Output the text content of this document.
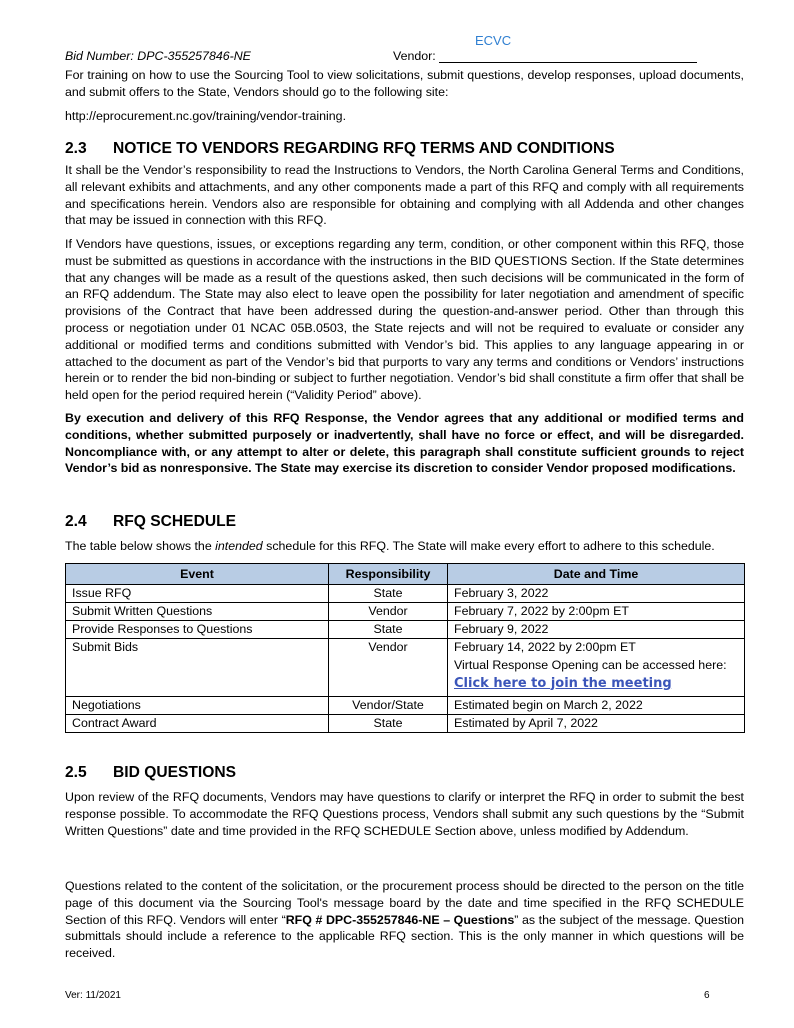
ECVC
Bid Number: DPC-355257846-NE	Vendor:

For training on how to use the Sourcing Tool to view solicitations, submit questions, develop responses, upload documents, and submit offers to the State, Vendors should go to the following site:

http://eprocurement.nc.gov/training/vendor-training.
2.3	NOTICE TO VENDORS REGARDING RFQ TERMS AND CONDITIONS

It shall be the Vendor’s responsibility to read the Instructions to Vendors, the North Carolina General Terms and Conditions, all relevant exhibits and attachments, and any other components made a part of this RFQ and comply with all requirements and specifications herein. Vendors also are responsible for obtaining and complying with all Addenda and other changes that may be issued in connection with this RFQ.

If Vendors have questions, issues, or exceptions regarding any term, condition, or other component within this RFQ, those must be submitted as questions in accordance with the instructions in the BID QUESTIONS Section. If the State determines that any changes will be made as a result of the questions asked, then such decisions will be communicated in the form of an RFQ addendum. The State may also elect to leave open the possibility for later negotiation and amendment of specific provisions of the Contract that have been addressed during the question-and-answer period. Other than through this process or negotiation under 01 NCAC 05B.0503, the State rejects and will not be required to evaluate or consider any additional or modified terms and conditions submitted with Vendor’s bid. This applies to any language appearing in or attached to the document as part of the Vendor’s bid that purports to vary any terms and conditions or Vendors’ instructions herein or to render the bid non-binding or subject to further negotiation. Vendor’s bid shall constitute a firm offer that shall be held open for the period required herein (“Validity Period” above).

By execution and delivery of this RFQ Response, the Vendor agrees that any additional or modified terms and conditions, whether submitted purposely or inadvertently, shall have no force or effect, and will be disregarded. Noncompliance with, or any attempt to alter or delete, this paragraph shall constitute sufficient grounds to reject Vendor’s bid as nonresponsive. The State may exercise its discretion to consider Vendor proposed modifications.

2.4	RFQ SCHEDULE

The table below shows the intended schedule for this RFQ. The State will make every effort to adhere to this schedule.

Event	Responsibility	Date and Time
Issue RFQ	State	February 3, 2022
Submit Written Questions	Vendor	February 7, 2022 by 2:00pm ET
Provide Responses to Questions	State	February 9, 2022
Submit Bids	Vendor	February 14, 2022 by 2:00pm ET
Virtual Response Opening can be accessed here:
Click here to join the meeting
Negotiations	Vendor/State	Estimated begin on March 2, 2022
Contract Award	State	Estimated by April 7, 2022
2.5	BID QUESTIONS

Upon review of the RFQ documents, Vendors may have questions to clarify or interpret the RFQ in order to submit the best response possible. To accommodate the RFQ Questions process, Vendors shall submit any such questions by the “Submit Written Questions” date and time provided in the RFQ SCHEDULE Section above, unless modified by Addendum.

Questions related to the content of the solicitation, or the procurement process should be directed to the person on the title page of this document via the Sourcing Tool's message board by the date and time specified in the RFQ SCHEDULE Section of this RFQ. Vendors will enter “RFQ # DPC-355257846-NE – Questions” as the subject of the message. Question submittals should include a reference to the applicable RFQ section. This is the only manner in which questions will be received.

Ver: 11/2021	6
